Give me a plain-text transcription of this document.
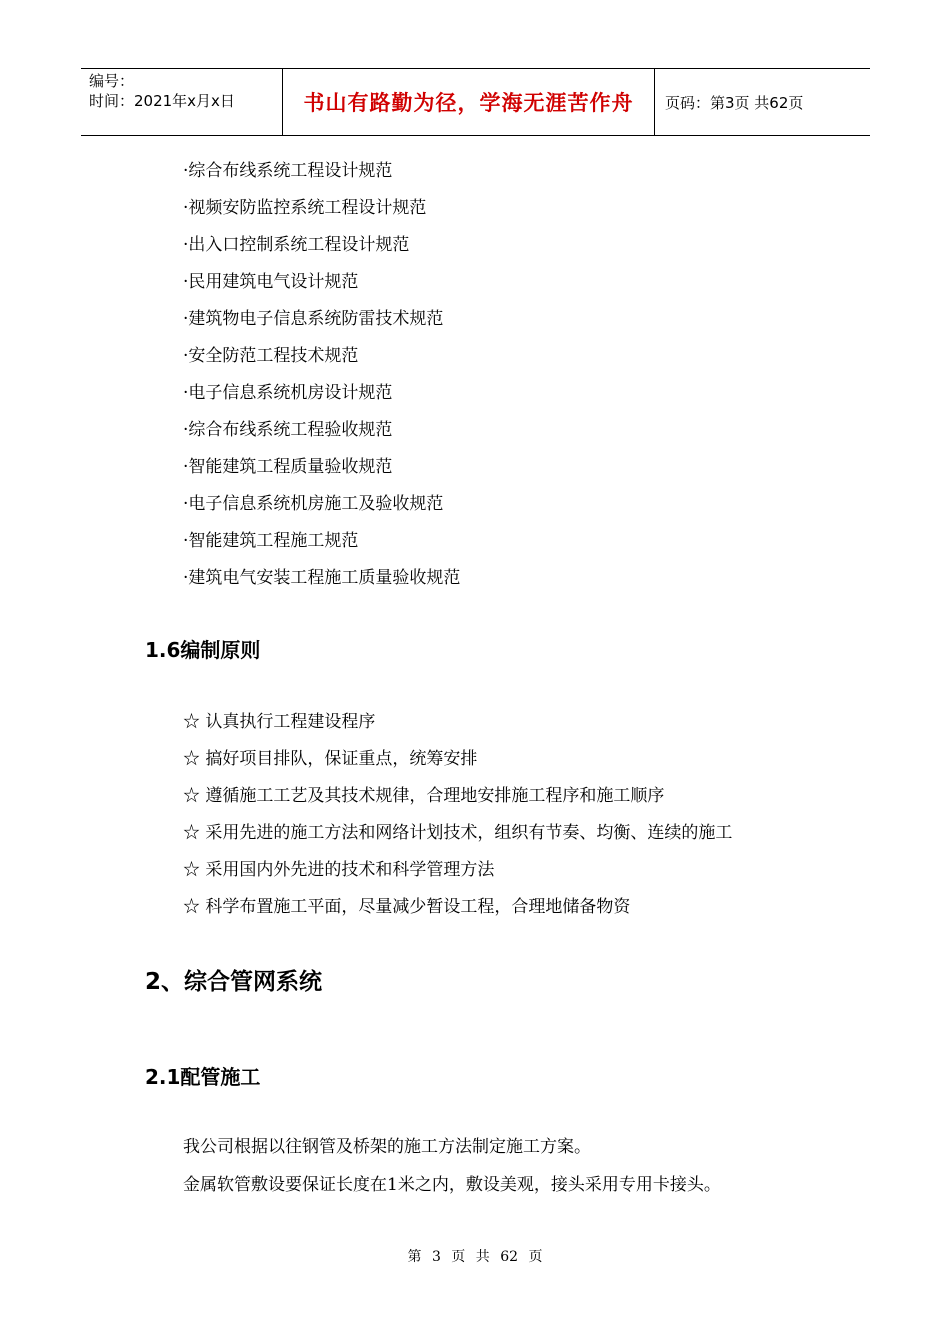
编号：
时间：2021年x月x日	书山有路勤为径，学海无涯苦作舟 页码：第3页 共62页
·综合布线系统工程设计规范
·视频安防监控系统工程设计规范
·出入口控制系统工程设计规范
·民用建筑电气设计规范
·建筑物电子信息系统防雷技术规范
·安全防范工程技术规范
·电子信息系统机房设计规范
·综合布线系统工程验收规范
·智能建筑工程质量验收规范
·电子信息系统机房施工及验收规范
·智能建筑工程施工规范
·建筑电气安装工程施工质量验收规范
1.6编制原则
☆ 认真执行工程建设程序
☆ 搞好项目排队，保证重点，统筹安排
☆ 遵循施工工艺及其技术规律，合理地安排施工程序和施工顺序
☆ 采用先进的施工方法和网络计划技术，组织有节奏、均衡、连续的施工
☆ 采用国内外先进的技术和科学管理方法
☆ 科学布置施工平面，尽量减少暂设工程，合理地储备物资
2、综合管网系统
2.1配管施工
我公司根据以往钢管及桥架的施工方法制定施工方案。
金属软管敷设要保证长度在1米之内，敷设美观，接头采用专用卡接头。
第 3 页 共 62 页
